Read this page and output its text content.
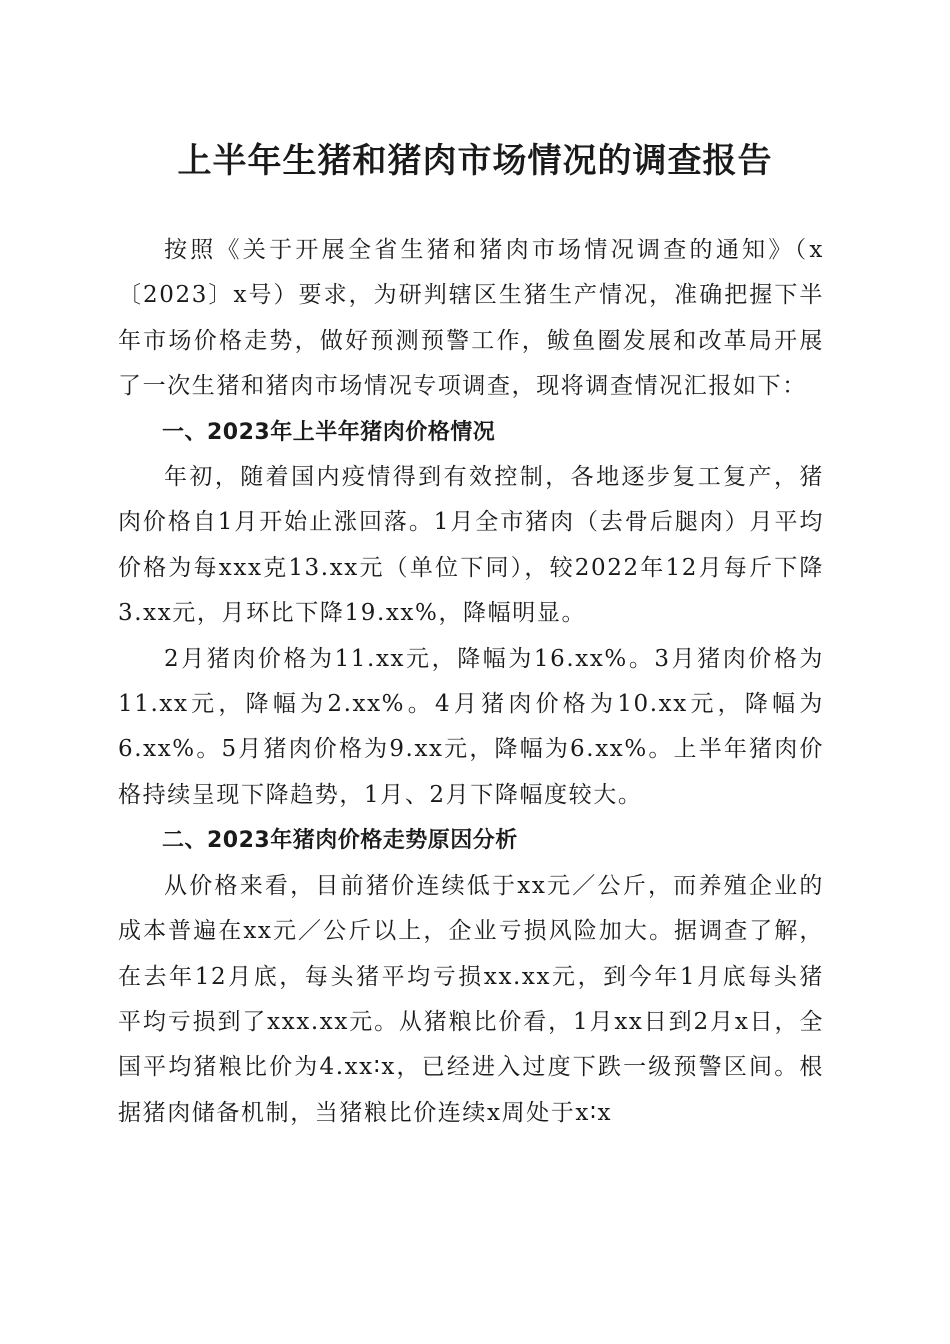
上半年生猪和猪肉市场情况的调查报告

按照《关于开展全省生猪和猪肉市场情况调查的通知》（x〔2023〕x号）要求，为研判辖区生猪生产情况，准确把握下半年市场价格走势，做好预测预警工作，鲅鱼圈发展和改革局开展了一次生猪和猪肉市场情况专项调查，现将调查情况汇报如下：

一、2023年上半年猪肉价格情况

年初，随着国内疫情得到有效控制，各地逐步复工复产，猪肉价格自1月开始止涨回落。1月全市猪肉（去骨后腿肉）月平均价格为每xxx克13.xx元（单位下同），较2022年12月每斤下降3.xx元，月环比下降19.xx%，降幅明显。

2月猪肉价格为11.xx元，降幅为16.xx%。3月猪肉价格为11.xx元，降幅为2.xx%。4月猪肉价格为10.xx元，降幅为6.xx%。5月猪肉价格为9.xx元，降幅为6.xx%。上半年猪肉价格持续呈现下降趋势，1月、2月下降幅度较大。

二、2023年猪肉价格走势原因分析

从价格来看，目前猪价连续低于xx元／公斤，而养殖企业的成本普遍在xx元／公斤以上，企业亏损风险加大。据调查了解，在去年12月底，每头猪平均亏损xx.xx元，到今年1月底每头猪平均亏损到了xxx.xx元。从猪粮比价看，1月xx日到2月x日，全国平均猪粮比价为4.xx∶x，已经进入过度下跌一级预警区间。根据猪肉储备机制，当猪粮比价连续x周处于x∶x
